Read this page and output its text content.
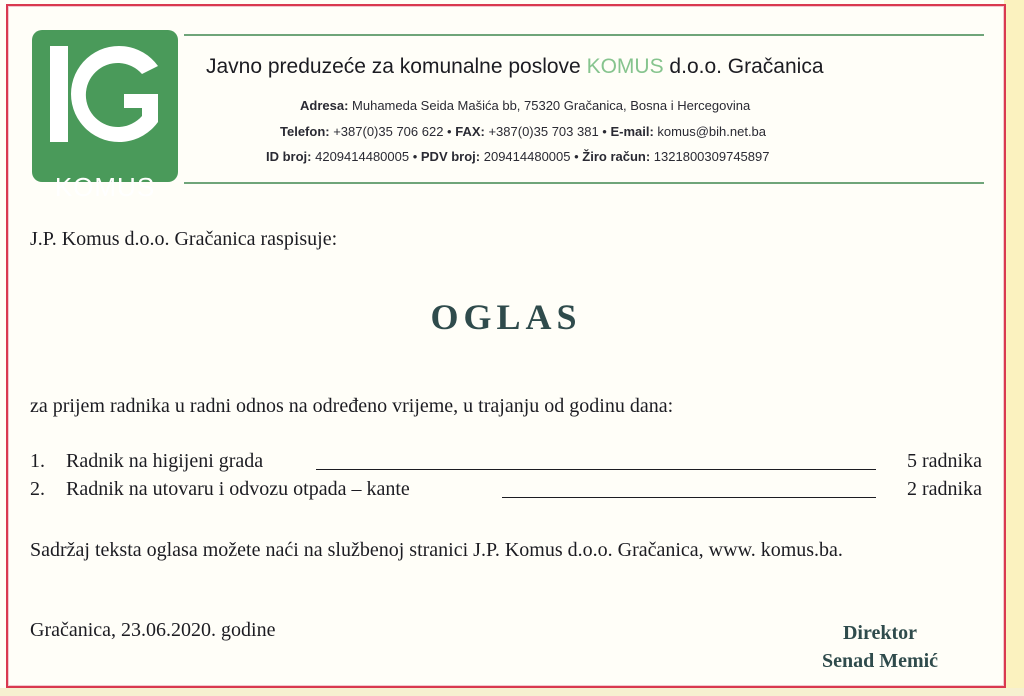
KOMUS
Javno preduzeće za komunalne poslove KOMUS d.o.o. Gračanica
Adresa: Muhameda Seida Mašića bb, 75320 Gračanica, Bosna i Hercegovina
Telefon: +387(0)35 706 622 • FAX: +387(0)35 703 381 • E-mail: komus@bih.net.ba
ID broj: 4209414480005 • PDV broj: 209414480005 • Žiro račun: 1321800309745897
J.P. Komus d.o.o. Gračanica raspisuje:
OGLAS
za prijem radnika u radni odnos na određeno vrijeme, u trajanju od godinu dana:
1. Radnik na higijeni grada	5 radnika
2. Radnik na utovaru i odvozu otpada – kante	2 radnika
Sadržaj teksta oglasa možete naći na službenoj stranici J.P. Komus d.o.o. Gračanica, www. komus.ba.
Gračanica, 23.06.2020. godine	Direktor
Senad Memić
